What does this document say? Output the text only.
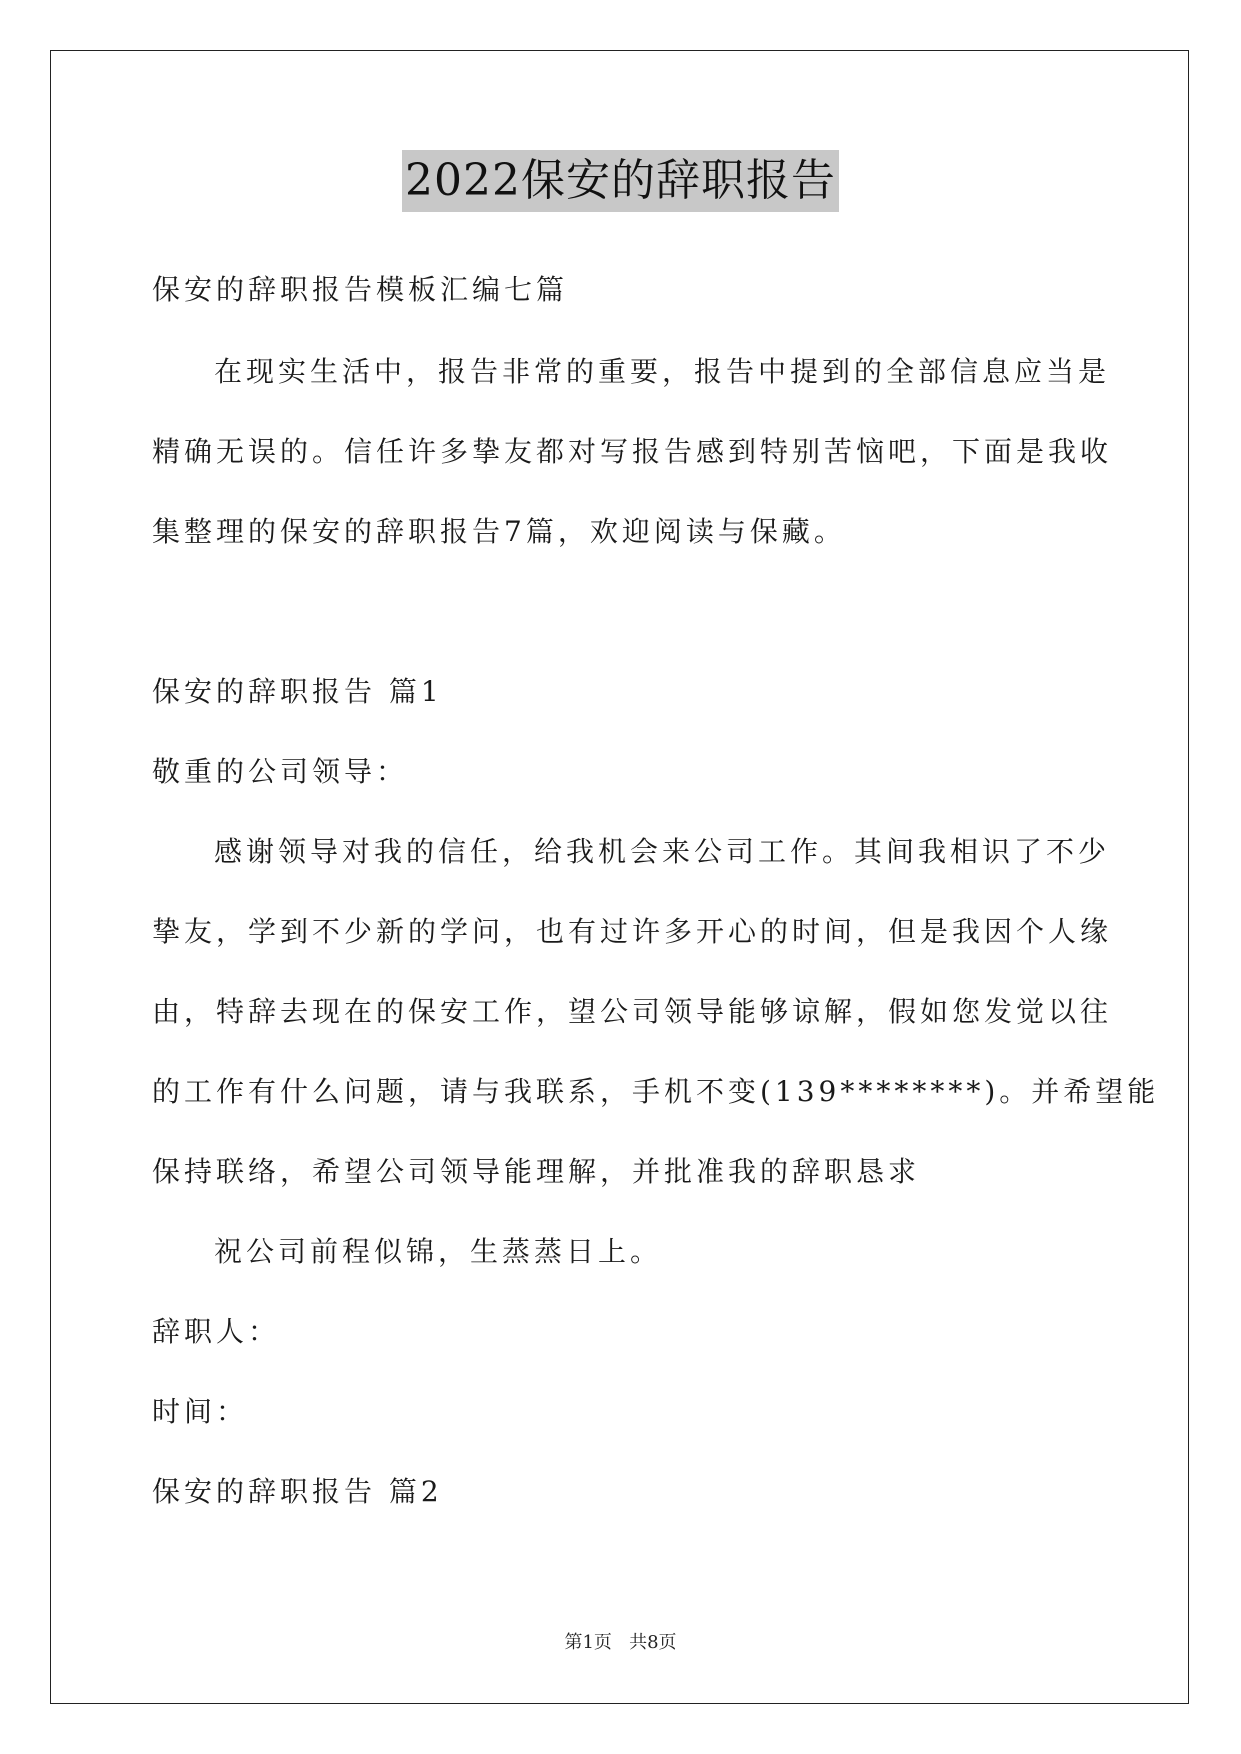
2022保安的辞职报告
保安的辞职报告模板汇编七篇
在现实生活中，报告非常的重要，报告中提到的全部信息应当是
精确无误的。信任许多挚友都对写报告感到特别苦恼吧，下面是我收
集整理的保安的辞职报告7篇，欢迎阅读与保藏。
保安的辞职报告 篇1
敬重的公司领导：
感谢领导对我的信任，给我机会来公司工作。其间我相识了不少
挚友，学到不少新的学问，也有过许多开心的时间，但是我因个人缘
由，特辞去现在的保安工作，望公司领导能够谅解，假如您发觉以往
的工作有什么问题，请与我联系，手机不变(139********)。并希望能
保持联络，希望公司领导能理解，并批准我的辞职恳求
祝公司前程似锦，生蒸蒸日上。
辞职人：
时间：
保安的辞职报告 篇2
第1页   共8页
